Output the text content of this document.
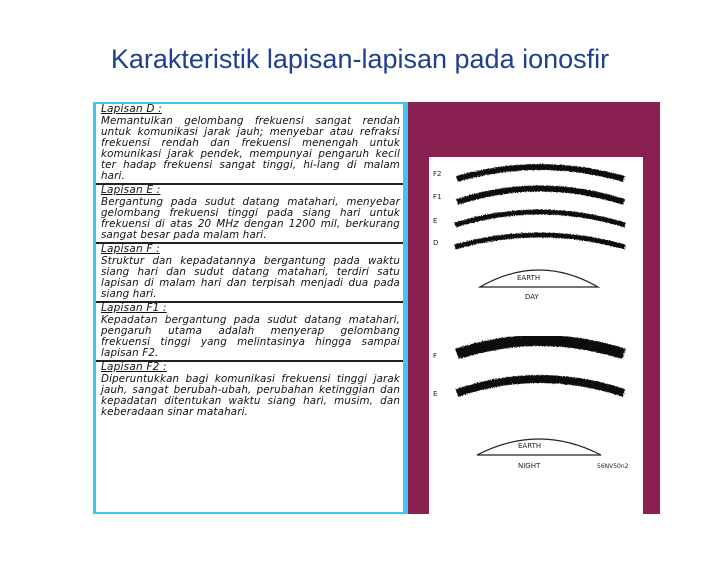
Karakteristik lapisan-lapisan pada ionosfir
Lapisan D :
Memantulkan gelombang frekuensi sangat rendah untuk komunikasi jarak jauh; menyebar atau refraksi frekuensi rendah dan frekuensi menengah untuk komunikasi jarak pendek, mempunyai pengaruh kecil ter hadap frekuensi sangat tinggi, hi-lang di malam hari.
Lapisan E :
Bergantung pada sudut datang matahari, menyebar gelombang frekuensi tinggi pada siang hari untuk frekuensi di atas 20 MHz dengan 1200 mil, berkurang sangat besar pada malam hari.
Lapisan F :
Struktur dan kepadatannya bergantung pada waktu siang hari dan sudut datang matahari, terdiri satu lapisan di malam hari dan terpisah menjadi dua pada siang hari.
Lapisan F1 :
Kepadatan bergantung pada sudut datang matahari, pengaruh utama adalah menyerap gelombang frekuensi tinggi yang melintasinya hingga sampai lapisan F2.
Lapisan F2 :
Diperuntukkan bagi komunikasi frekuensi tinggi jarak jauh, sangat berubah-ubah, perubahan ketinggian dan kepadatan ditentukan waktu siang hari, musim, dan keberadaan sinar matahari.
F2
F1
E
D
EARTH
DAY
F
E
EARTH
NIGHT	56NV50n2
